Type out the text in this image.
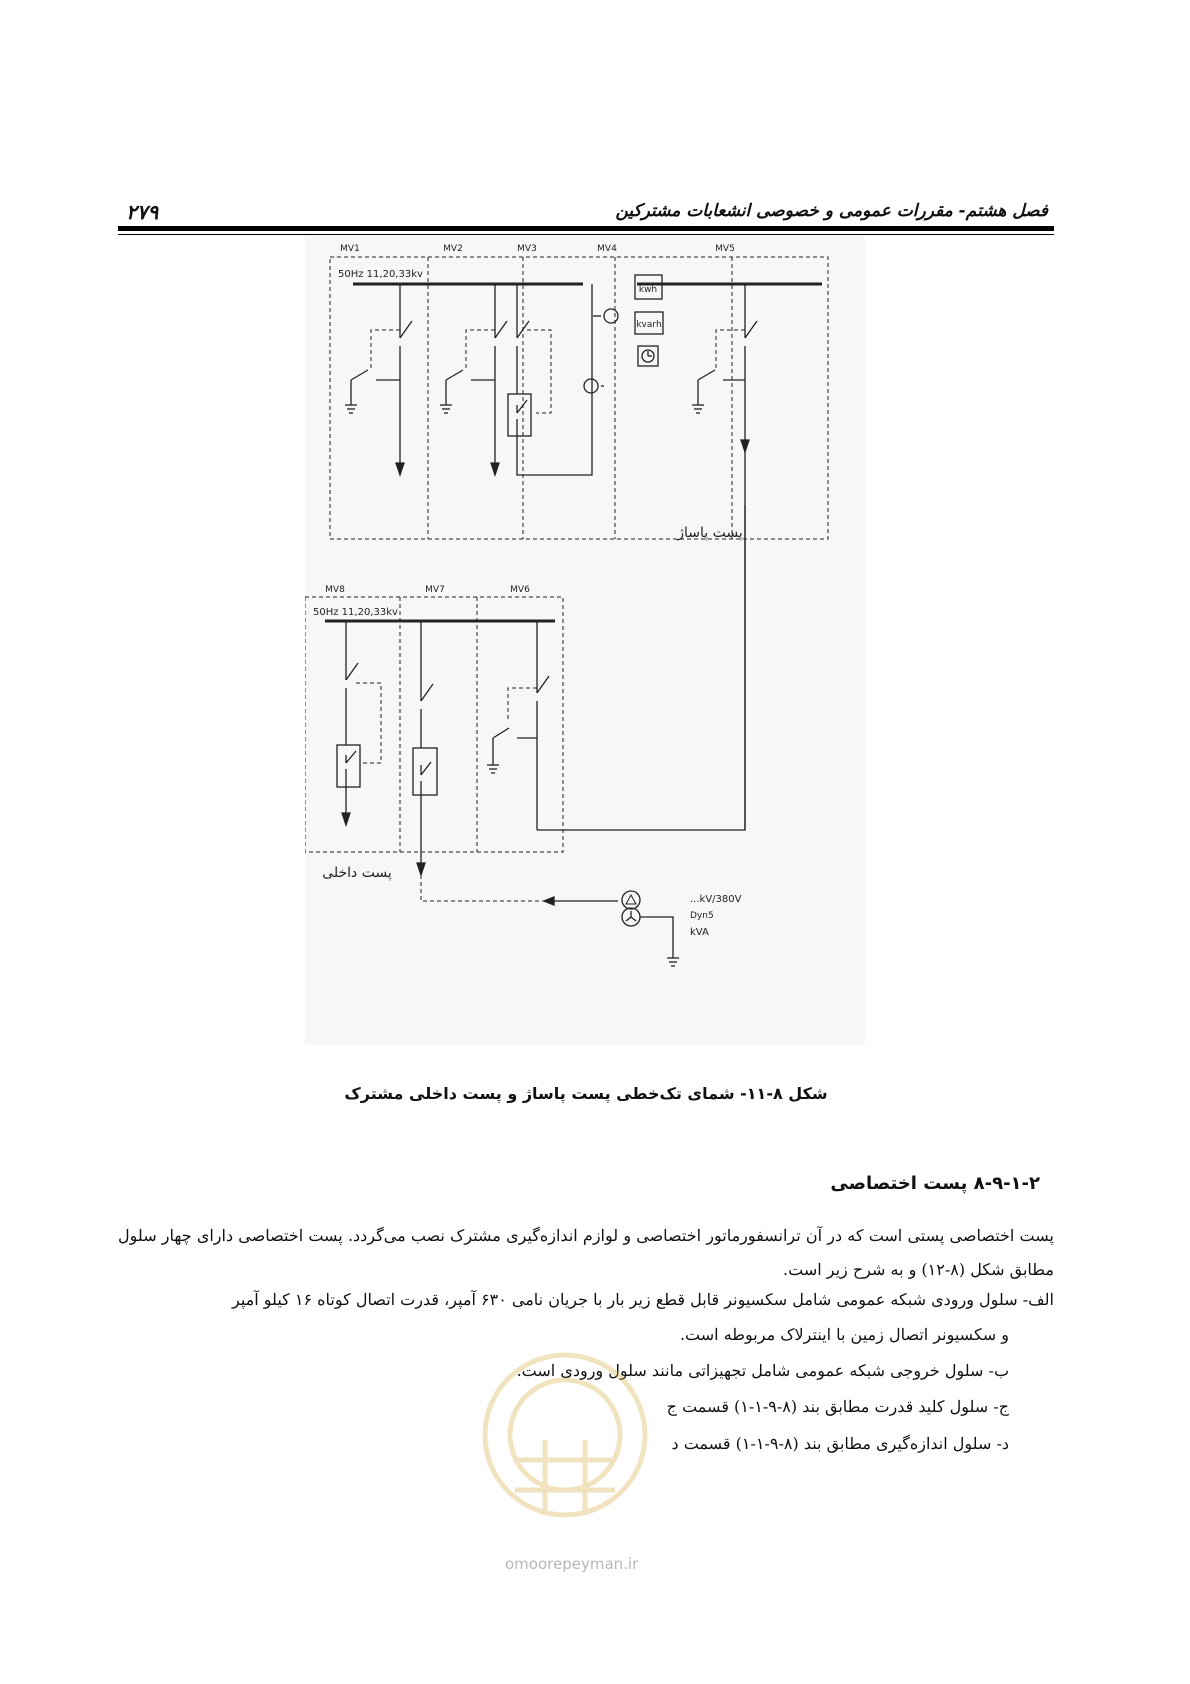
۲۷۹	فصل هشتم- مقررات عمومی و خصوصی انشعابات مشترکین
MV1	MV2	MV3	MV4	MV5
MV8	MV7	MV6
50Hz 11,20,33kv
50Hz 11,20,33kv
kwh
kvarh
پست پاساژ
پست داخلی
...kV/380V
Dyn5
kVA
شکل ۸-۱۱- شمای تک‌خطی پست پاساژ و پست داخلی مشترک
۸-۹-۱-۲ پست اختصاصی
پست اختصاصی پستی است که در آن ترانسفورماتور اختصاصی و لوازم اندازه‌گیری مشترک نصب می‌گردد. پست اختصاصی دارای چهار سلول مطابق شکل (۸-۱۲) و به شرح زیر است.
الف- سلول ورودی شبکه عمومی شامل سکسیونر قابل قطع زیر بار با جریان نامی ۶۳۰ آمپر، قدرت اتصال کوتاه ۱۶ کیلو آمپر
و سکسیونر اتصال زمین با اینترلاک مربوطه است.
ب- سلول خروجی شبکه عمومی شامل تجهیزاتی مانند سلول ورودی است.
ج- سلول کلید قدرت مطابق بند (۸-۹-۱-۱) قسمت ج
د- سلول اندازه‌گیری مطابق بند (۸-۹-۱-۱) قسمت د
omoorepeyman.ir
